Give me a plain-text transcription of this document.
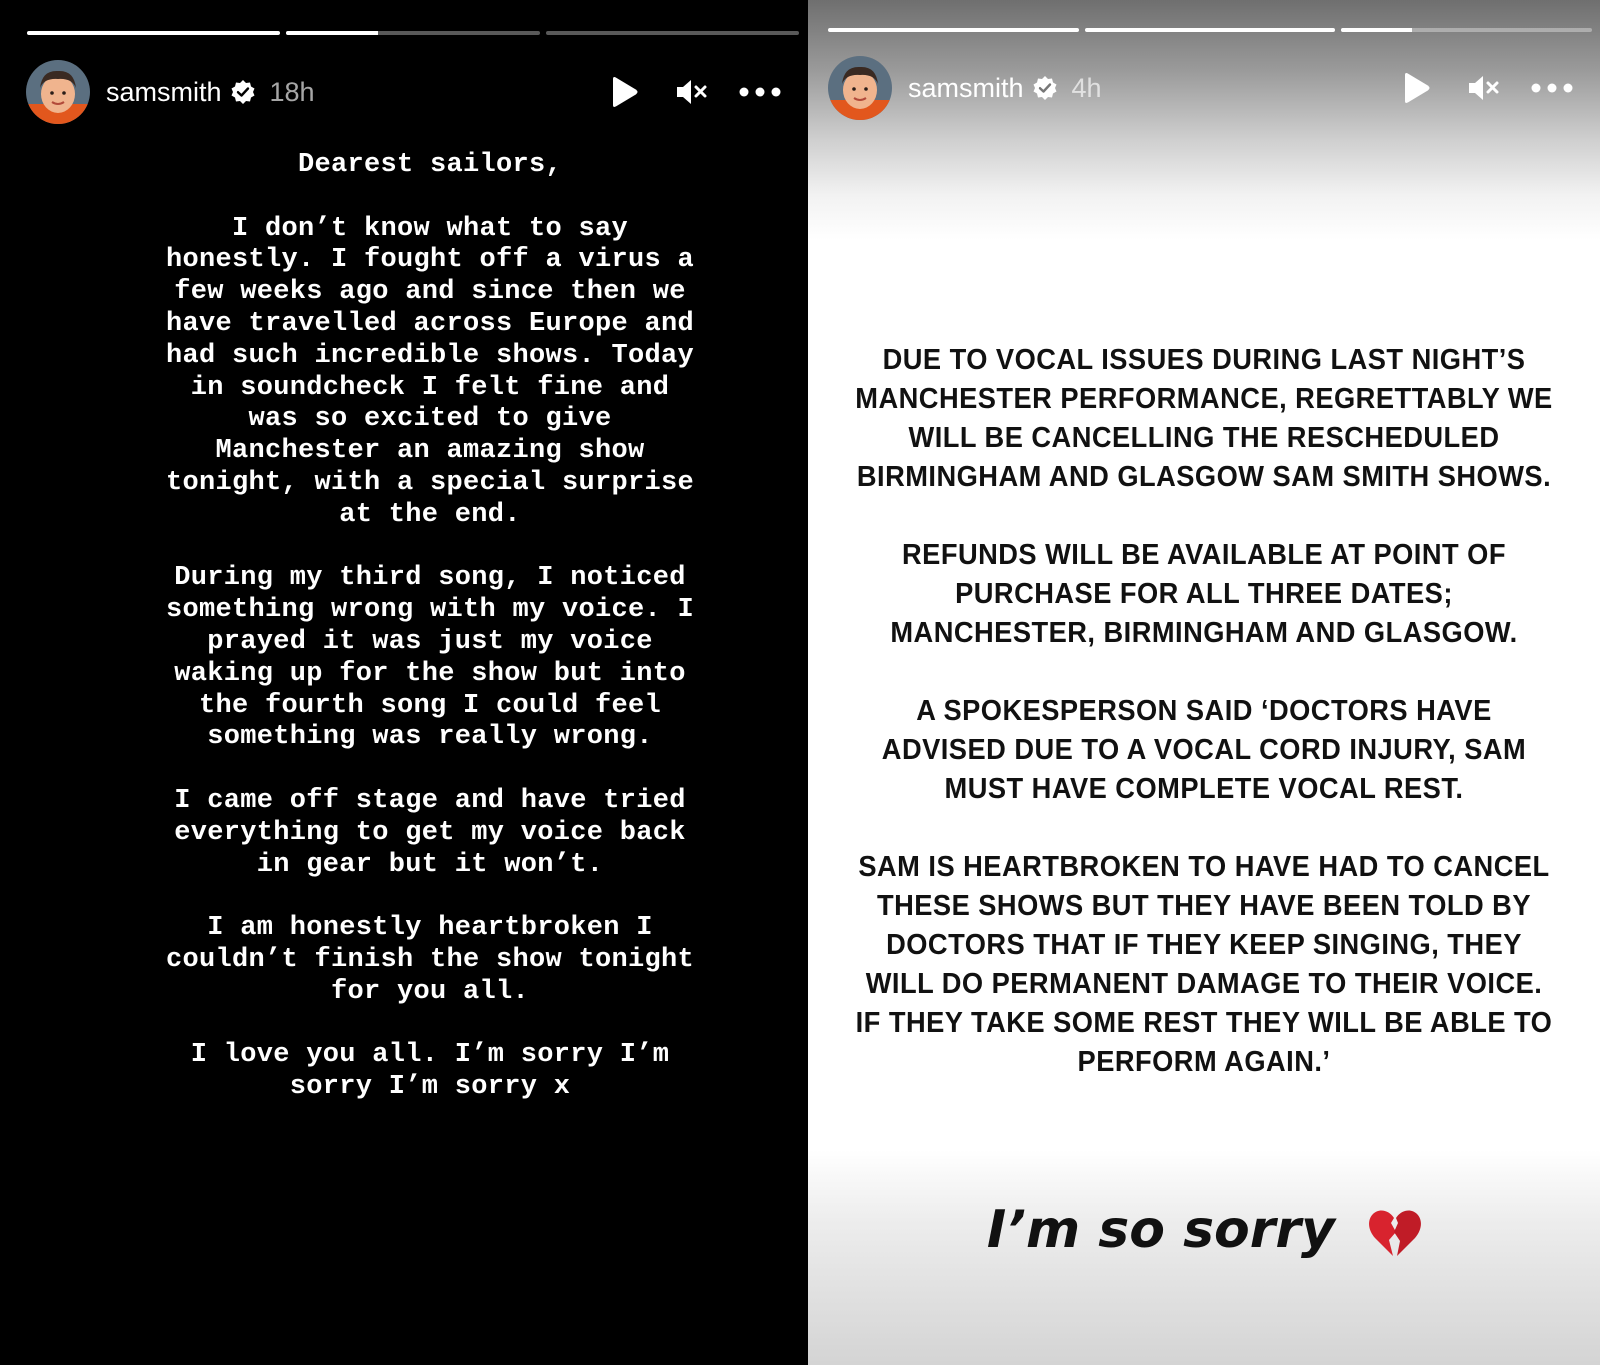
samsmith 18h

Dearest sailors,

I don’t know what to say honestly. I fought off a virus a few weeks ago and since then we have travelled across Europe and had such incredible shows. Today in soundcheck I felt fine and was so excited to give Manchester an amazing show tonight, with a special surprise at the end.

During my third song, I noticed something wrong with my voice. I prayed it was just my voice waking up for the show but into the fourth song I could feel something was really wrong.

I came off stage and have tried everything to get my voice back in gear but it won’t.

I am honestly heartbroken I couldn’t finish the show tonight for you all.

I love you all. I’m sorry I’m sorry I’m sorry x

samsmith 4h

DUE TO VOCAL ISSUES DURING LAST NIGHT’S MANCHESTER PERFORMANCE, REGRETTABLY WE WILL BE CANCELLING THE RESCHEDULED BIRMINGHAM AND GLASGOW SAM SMITH SHOWS.

REFUNDS WILL BE AVAILABLE AT POINT OF PURCHASE FOR ALL THREE DATES; MANCHESTER, BIRMINGHAM AND GLASGOW.

A SPOKESPERSON SAID ‘DOCTORS HAVE ADVISED DUE TO A VOCAL CORD INJURY, SAM MUST HAVE COMPLETE VOCAL REST.

SAM IS HEARTBROKEN TO HAVE HAD TO CANCEL THESE SHOWS BUT THEY HAVE BEEN TOLD BY DOCTORS THAT IF THEY KEEP SINGING, THEY WILL DO PERMANENT DAMAGE TO THEIR VOICE. IF THEY TAKE SOME REST THEY WILL BE ABLE TO PERFORM AGAIN.’

I’m so sorry
